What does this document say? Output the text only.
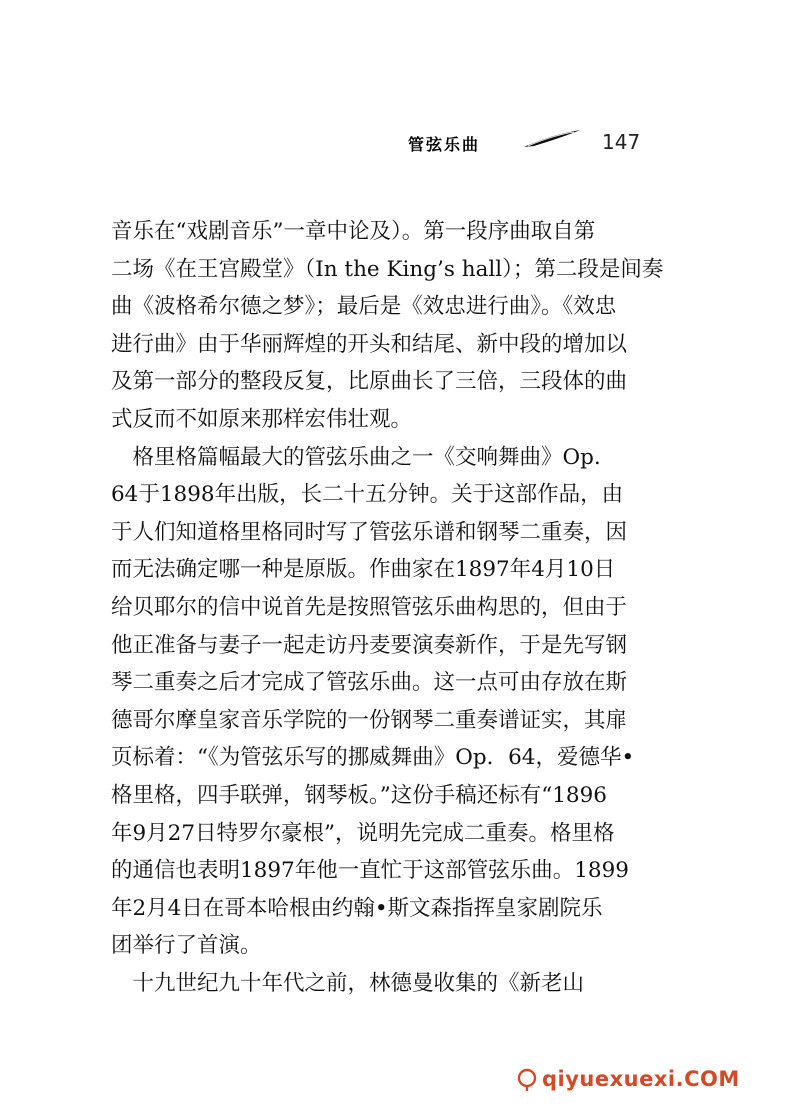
管弦乐曲	147
音乐在“戏剧音乐”一章中论及）。第一段序曲取自第
二场《在王宫殿堂》（In the King’s hall）；第二段是间奏
曲《波格希尔德之梦》；最后是《效忠进行曲》。《效忠
进行曲》由于华丽辉煌的开头和结尾、新中段的增加以
及第一部分的整段反复，比原曲长了三倍，三段体的曲
式反而不如原来那样宏伟壮观。
　格里格篇幅最大的管弦乐曲之一《交响舞曲》Op.
64于1898年出版，长二十五分钟。关于这部作品，由
于人们知道格里格同时写了管弦乐谱和钢琴二重奏，因
而无法确定哪一种是原版。作曲家在1897年4月10日
给贝耶尔的信中说首先是按照管弦乐曲构思的，但由于
他正准备与妻子一起走访丹麦要演奏新作，于是先写钢
琴二重奏之后才完成了管弦乐曲。这一点可由存放在斯
德哥尔摩皇家音乐学院的一份钢琴二重奏谱证实，其扉
页标着：“《为管弦乐写的挪威舞曲》Op．64，爱德华•
格里格，四手联弹，钢琴板。”这份手稿还标有“1896
年9月27日特罗尔豪根”，说明先完成二重奏。格里格
的通信也表明1897年他一直忙于这部管弦乐曲。1899
年2月4日在哥本哈根由约翰•斯文森指挥皇家剧院乐
团举行了首演。
　十九世纪九十年代之前，林德曼收集的《新老山
qiyuexuexi.COM
